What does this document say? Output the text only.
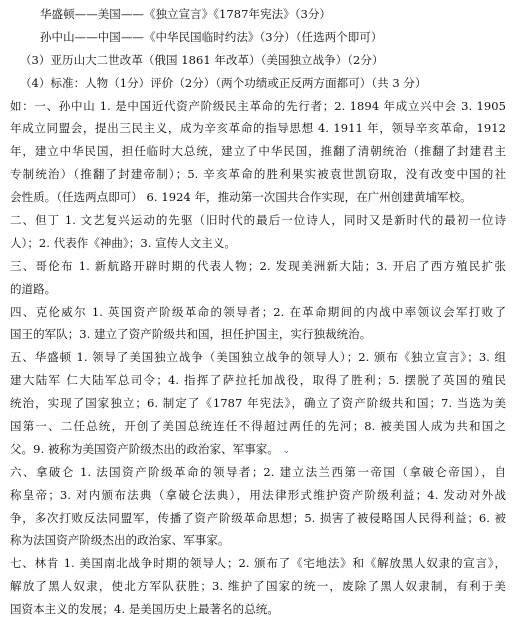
华盛顿——美国——《独立宣言》《1787年宪法》（3分）
孙中山——中国——《中华民国临时约法》（3分）（任选两个即可）
（3）亚历山大二世改革（俄国 1861 年改革）（美国独立战争）（2分）
（4）标准：人物（1分）评价（2分）（两个功绩或正反两方面都可）（共 3 分）
如：一、孙中山 1. 是中国近代资产阶级民主革命的先行者；2. 1894 年成立兴中会 3. 1905
年成立同盟会，提出三民主义，成为辛亥革命的指导思想 4. 1911 年，领导辛亥革命，1912
年，建立中华民国，担任临时大总统，建立了中华民国，推翻了清朝统治（推翻了封建君主
专制统治）（推翻了封建帝制）；5. 辛亥革命的胜利果实被袁世凯窃取，没有改变中国的社
会性质。（任选两点即可） 6. 1924 年，推动第一次国共合作实现，在广州创建黄埔军校。
二、但丁 1. 文艺复兴运动的先驱（旧时代的最后一位诗人，同时又是新时代的最初一位诗
人）；2. 代表作《神曲》；3. 宣传人文主义。
三、哥伦布 1. 新航路开辟时期的代表人物；2. 发现美洲新大陆；3. 开启了西方殖民扩张
的道路。
四、克伦威尔 1. 英国资产阶级革命的领导者；2. 在革命期间的内战中率领议会军打败了
国王的军队；3. 建立了资产阶级共和国，担任护国主，实行独裁统治。
五、华盛顿 1. 领导了美国独立战争（美国独立战争的领导人）；2. 颁布《独立宣言》；3. 组
建大陆军 仁大陆军总司令；4. 指挥了萨拉托加战役，取得了胜利；5. 摆脱了英国的殖民
统治，实现了国家独立；6. 制定了《1787 年宪法》，确立了资产阶级共和国；7. 当选为美
国第一、二任总统，开创了美国总统连任不得超过两任的先河；8. 被美国人成为共和国之
父。9. 被称为美国资产阶级杰出的政治家、军事家。 ⌄
六、拿破仑 1. 法国资产阶级革命的领导者；2. 建立法兰西第一帝国（拿破仑帝国），自
称皇帝；3. 对内颁布法典（拿破仑法典），用法律形式维护资产阶级利益；4. 发动对外战
争，多次打败反法同盟军，传播了资产阶级革命思想；5. 损害了被侵略国人民得利益；6. 被
称为法国资产阶级杰出的政治家、军事家。
七、林肯 1. 美国南北战争时期的领导人；2. 颁布了《宅地法》和《解放黑人奴隶的宣言》，
解放了黑人奴隶，使北方军队获胜；3. 维护了国家的统一，废除了黑人奴隶制，有利于美
国资本主义的发展；4. 是美国历史上最著名的总统。
